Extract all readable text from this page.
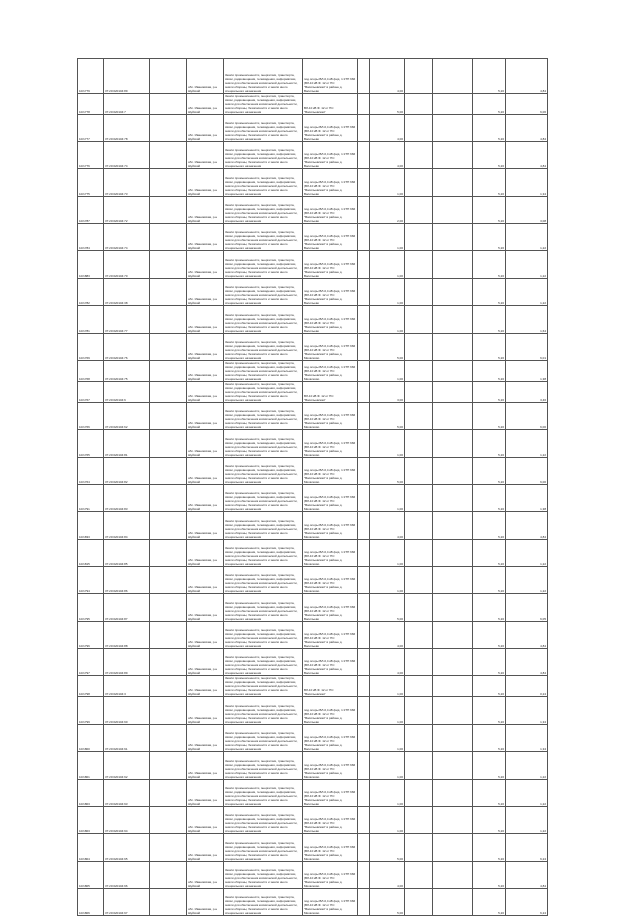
10/1779	37:20:020104:89		обл. Ивановская, р-н Шуйский	Земли промышленности, энергетики, транспорта, связи, радиовещания, телевидения, информатики, земли для обеспечения космической деятельности, земли обороны, безопасности и земли иного специального назначения	под опоры ВЛ-0,4 кВ фид. 1 КТП 666 (ВЛ-10 кВ Ф. 12 от ПС "Васильевская" в районе д. Васильево		4,00			5,20	4,84
10/1778	37:20:020104:7		обл. Ивановская, р-н Шуйский	Земли промышленности, энергетики, транспорта, связи, радиовещания, телевидения, информатики, земли для обеспечения космической деятельности, земли обороны, безопасности и земли иного специального назначения	ВЛ-10 кВ Ф. 12 от ПС "Васильевская"		5,00			5,20	6,06
10/1777	37:20:020104:78		обл. Ивановская, р-н Шуйский	Земли промышленности, энергетики, транспорта, связи, радиовещания, телевидения, информатики, земли для обеспечения космической деятельности, земли обороны, безопасности и земли иного специального назначения	под опоры ВЛ-0,4 кВ фид. 1 КТП 666 (ВЛ-10 кВ Ф. 12 от ПС "Васильевская" в районе д. Васильево		4,00			5,20	4,84
10/1776	37:20:020104:74		обл. Ивановская, р-н Шуйский	Земли промышленности, энергетики, транспорта, связи, радиовещания, телевидения, информатики, земли для обеспечения космической деятельности, земли обороны, безопасности и земли иного специального назначения	под опоры ВЛ-0,4 кВ фид. 1 КТП 666 (ВЛ-10 кВ Ф. 12 от ПС "Васильевская" в районе д. Васильево		4,00			5,20	4,84
10/1775	37:20:020104:73		обл. Ивановская, р-н Шуйский	Земли промышленности, энергетики, транспорта, связи, радиовещания, телевидения, информатики, земли для обеспечения космической деятельности, земли обороны, безопасности и земли иного специального назначения	под опоры ВЛ-0,4 кВ фид. 1 КТП 666 (ВЛ-10 кВ Ф. 12 от ПС "Васильевская" в районе д. Васильево		1,00			5,20	1,34
10/1787	37:20:020104:72		обл. Ивановская, р-н Шуйский	Земли промышленности, энергетики, транспорта, связи, радиовещания, телевидения, информатики, земли для обеспечения космической деятельности, земли обороны, безопасности и земли иного специального назначения	под опоры ВЛ-0,4 кВ фид. 1 КТП 666 (ВЛ-10 кВ Ф. 12 от ПС "Васильевская" в районе д. Васильево		2,00			5,20	3,08
10/1784	37:20:020104:74		обл. Ивановская, р-н Шуйский	Земли промышленности, энергетики, транспорта, связи, радиовещания, телевидения, информатики, земли для обеспечения космической деятельности, земли обороны, безопасности и земли иного специального назначения	под опоры ВЛ-0,4 кВ фид. 1 КТП 666 (ВЛ-10 кВ Ф. 12 от ПС "Васильевская" в районе д. Васильево		1,00			5,20	1,22
10/1883	37:20:020104:70		обл. Ивановская, р-н Шуйский	Земли промышленности, энергетики, транспорта, связи, радиовещания, телевидения, информатики, земли для обеспечения космической деятельности, земли обороны, безопасности и земли иного специального назначения	под опоры ВЛ-0,4 кВ фид. 1 КТП 666 (ВЛ-10 кВ Ф. 12 от ПС "Васильевская" в районе д. Васильево		1,00			5,20	1,22
10/1782	37:20:020104:38		обл. Ивановская, р-н Шуйский	Земли промышленности, энергетики, транспорта, связи, радиовещания, телевидения, информатики, земли для обеспечения космической деятельности, земли обороны, безопасности и земли иного специального назначения	под опоры ВЛ-0,4 кВ фид. 1 КТП 666 (ВЛ-10 кВ Ф. 12 от ПС "Васильевская" в районе д. Васильево		1,00			5,20	1,22
10/1781	37:20:020104:77		обл. Ивановская, р-н Шуйский	Земли промышленности, энергетики, транспорта, связи, радиовещания, телевидения, информатики, земли для обеспечения космической деятельности, земли обороны, безопасности и земли иного специального назначения	под опоры ВЛ-0,4 кВ фид. 1 КТП 666 (ВЛ-10 кВ Ф. 12 от ПС "Васильевская" в районе д. Васильево		1,00			5,20	1,64
10/1769	37:20:020104:76		обл. Ивановская, р-н Шуйский	Земли промышленности, энергетики, транспорта, связи, радиовещания, телевидения, информатики, земли для обеспечения космической деятельности, земли обороны, безопасности и земли иного специального назначения	под опоры ВЛ-0,4 кВ фид. 1 КТП 666 (ВЛ-10 кВ Ф. 12 от ПС "Васильевская" в районе д. Михалково		5,00			5,20	6,01
10/1768	37:20:020104:75		обл. Ивановская, р-н Шуйский	Земли промышленности, энергетики, транспорта, связи, радиовещания, телевидения, информатики, земли для обеспечения космической деятельности, земли обороны, безопасности и земли иного специального назначения	под опоры ВЛ-0,4 кВ фид. 1 КТП 666 (ВЛ-10 кВ Ф. 12 от ПС "Васильевская" в районе д. Михалково		1,00			5,20	1,38
10/1767	37:20:020104:6		обл. Ивановская, р-н Шуйский	Земли промышленности, энергетики, транспорта, связи, радиовещания, телевидения, информатики, земли для обеспечения космической деятельности, земли обороны, безопасности и земли иного специального назначения	ВЛ-10 кВ Ф. 12 от ПС "Васильевская"		3,00			5,20	3,46
10/1766	37:20:020104:62		обл. Ивановская, р-н Шуйский	Земли промышленности, энергетики, транспорта, связи, радиовещания, телевидения, информатики, земли для обеспечения космической деятельности, земли обороны, безопасности и земли иного специального назначения	под опоры ВЛ-0,4 кВ фид. 1 КТП 666 (ВЛ-10 кВ Ф. 12 от ПС "Васильевская" в районе д. Михалково		5,00			5,20	6,00
10/1765	37:20:020104:81		обл. Ивановская, р-н Шуйский	Земли промышленности, энергетики, транспорта, связи, радиовещания, телевидения, информатики, земли для обеспечения космической деятельности, земли обороны, безопасности и земли иного специального назначения	под опоры ВЛ-0,4 кВ фид. 1 КТП 666 (ВЛ-10 кВ Ф. 12 от ПС "Васильевская" в районе д. Михалково		1,00			5,20	1,22
10/1764	37:20:020104:82		обл. Ивановская, р-н Шуйский	Земли промышленности, энергетики, транспорта, связи, радиовещания, телевидения, информатики, земли для обеспечения космической деятельности, земли обороны, безопасности и земли иного специального назначения	под опоры ВЛ-0,4 кВ фид. 1 КТП 666 (ВЛ-10 кВ Ф. 12 от ПС "Васильевская" в районе д. Михалково		5,00			5,20	6,00
10/1791	37:20:020104:83		обл. Ивановская, р-н Шуйский	Земли промышленности, энергетики, транспорта, связи, радиовещания, телевидения, информатики, земли для обеспечения космической деятельности, земли обороны, безопасности и земли иного специального назначения	под опоры ВЛ-0,4 кВ фид. 1 КТП 666 (ВЛ-10 кВ Ф. 12 от ПС "Васильевская" в районе д. Михалково		1,00			5,20	1,38
10/1833	37:20:020104:84		обл. Ивановская, р-н Шуйский	Земли промышленности, энергетики, транспорта, связи, радиовещания, телевидения, информатики, земли для обеспечения космической деятельности, земли обороны, безопасности и земли иного специального назначения	под опоры ВЛ-0,4 кВ фид. 1 КТП 666 (ВЛ-10 кВ Ф. 12 от ПС "Васильевская" в районе д. Михалково		4,00			5,20	4,84
10/1815	37:20:020104:85		обл. Ивановская, р-н Шуйский	Земли промышленности, энергетики, транспорта, связи, радиовещания, телевидения, информатики, земли для обеспечения космической деятельности, земли обороны, безопасности и земли иного специального назначения	под опоры ВЛ-0,4 кВ фид. 1 КТП 666 (ВЛ-10 кВ Ф. 12 от ПС "Васильевская" в районе д. Михалково		1,00			5,20	1,22
10/1794	37:20:020104:86		обл. Ивановская, р-н Шуйский	Земли промышленности, энергетики, транспорта, связи, радиовещания, телевидения, информатики, земли для обеспечения космической деятельности, земли обороны, безопасности и земли иного специального назначения	под опоры ВЛ-0,4 кВ фид. 1 КТП 666 (ВЛ-10 кВ Ф. 12 от ПС "Васильевская" в районе д. Михалково		1,00			5,20	1,22
10/1795	37:20:020104:87		обл. Ивановская, р-н Шуйский	Земли промышленности, энергетики, транспорта, связи, радиовещания, телевидения, информатики, земли для обеспечения космической деятельности, земли обороны, безопасности и земли иного специального назначения	под опоры ВЛ-0,4 кВ фид. 1 КТП 666 (ВЛ-10 кВ Ф. 12 от ПС "Васильевская" в районе д. Васильево		5,00			5,20	6,05
10/1796	37:20:020104:88		обл. Ивановская, р-н Шуйский	Земли промышленности, энергетики, транспорта, связи, радиовещания, телевидения, информатики, земли для обеспечения космической деятельности, земли обороны, безопасности и земли иного специального назначения	под опоры ВЛ-0,4 кВ фид. 1 КТП 666 (ВЛ-10 кВ Ф. 12 от ПС "Васильевская" в районе д. Васильево		4,00			5,20	4,84
10/1797	37:20:020104:89		обл. Ивановская, р-н Шуйский	Земли промышленности, энергетики, транспорта, связи, радиовещания, телевидения, информатики, земли для обеспечения космической деятельности, земли обороны, безопасности и земли иного специального назначения	под опоры ВЛ-0,4 кВ фид. 1 КТП 666 (ВЛ-10 кВ Ф. 12 от ПС "Васильевская" в районе д. Васильево		4,00			5,20	4,84
10/1798	37:20:020104:3		обл. Ивановская, р-н Шуйский	Земли промышленности, энергетики, транспорта, связи, радиовещания, телевидения, информатики, земли для обеспечения космической деятельности, земли обороны, безопасности и земли иного специального назначения	ВЛ-10 кВ Ф. 12 от ПС "Васильевская"		1,00			5,20	0,24
10/1799	37:20:020104:90		обл. Ивановская, р-н Шуйский	Земли промышленности, энергетики, транспорта, связи, радиовещания, телевидения, информатики, земли для обеспечения космической деятельности, земли обороны, безопасности и земли иного специального назначения	под опоры ВЛ-0,4 кВ фид. 1 КТП 666 (ВЛ-10 кВ Ф. 12 от ПС "Васильевская" в районе д. Васильево		1,00			5,20	1,34
10/1800	37:20:020104:91		обл. Ивановская, р-н Шуйский	Земли промышленности, энергетики, транспорта, связи, радиовещания, телевидения, информатики, земли для обеспечения космической деятельности, земли обороны, безопасности и земли иного специального назначения	под опоры ВЛ-0,4 кВ фид. 1 КТП 666 (ВЛ-10 кВ Ф. 12 от ПС "Васильевская" в районе д. Васильево		1,00			5,20	1,34
10/1801	37:20:020104:92		обл. Ивановская, р-н Шуйский	Земли промышленности, энергетики, транспорта, связи, радиовещания, телевидения, информатики, земли для обеспечения космической деятельности, земли обороны, безопасности и земли иного специального назначения	под опоры ВЛ-0,4 кВ фид. 1 КТП 666 (ВЛ-10 кВ Ф. 12 от ПС "Васильевская" в районе д. Михалково		1,00			5,20	1,22
10/1803	37:20:020104:93		обл. Ивановская, р-н Шуйский	Земли промышленности, энергетики, транспорта, связи, радиовещания, телевидения, информатики, земли для обеспечения космической деятельности, земли обороны, безопасности и земли иного специального назначения	под опоры ВЛ-0,4 кВ фид. 1 КТП 666 (ВЛ-10 кВ Ф. 12 от ПС "Васильевская" в районе д. Васильево		1,00			5,20	1,22
10/1803	37:20:020104:94		обл. Ивановская, р-н Шуйский	Земли промышленности, энергетики, транспорта, связи, радиовещания, телевидения, информатики, земли для обеспечения космической деятельности, земли обороны, безопасности и земли иного специального назначения	под опоры ВЛ-0,4 кВ фид. 1 КТП 666 (ВЛ-10 кВ Ф. 12 от ПС "Васильевская" в районе д. Васильево		1,00			5,20	1,22
10/1804	37:20:020104:95		обл. Ивановская, р-н Шуйский	Земли промышленности, энергетики, транспорта, связи, радиовещания, телевидения, информатики, земли для обеспечения космической деятельности, земли обороны, безопасности и земли иного специального назначения	под опоры ВЛ-0,4 кВ фид. 1 КТП 666 (ВЛ-10 кВ Ф. 12 от ПС "Васильевская" в районе д. Михалково		5,00			5,20	6,24
10/1805	37:20:020104:96		обл. Ивановская, р-н Шуйский	Земли промышленности, энергетики, транспорта, связи, радиовещания, телевидения, информатики, земли для обеспечения космической деятельности, земли обороны, безопасности и земли иного специального назначения	под опоры ВЛ-0,4 кВ фид. 1 КТП 666 (ВЛ-10 кВ Ф. 12 от ПС "Васильевская" в районе д. Михалково		4,00			5,20	4,84
10/1806	37:20:020104:97		обл. Ивановская, р-н Шуйский	Земли промышленности, энергетики, транспорта, связи, радиовещания, телевидения, информатики, земли для обеспечения космической деятельности, земли обороны, безопасности и земли иного специального назначения	под опоры ВЛ-0,4 кВ фид. 1 КТП 666 (ВЛ-10 кВ Ф. 12 от ПС "Васильевская" в районе д. Михалково		5,00			5,20	6,24
